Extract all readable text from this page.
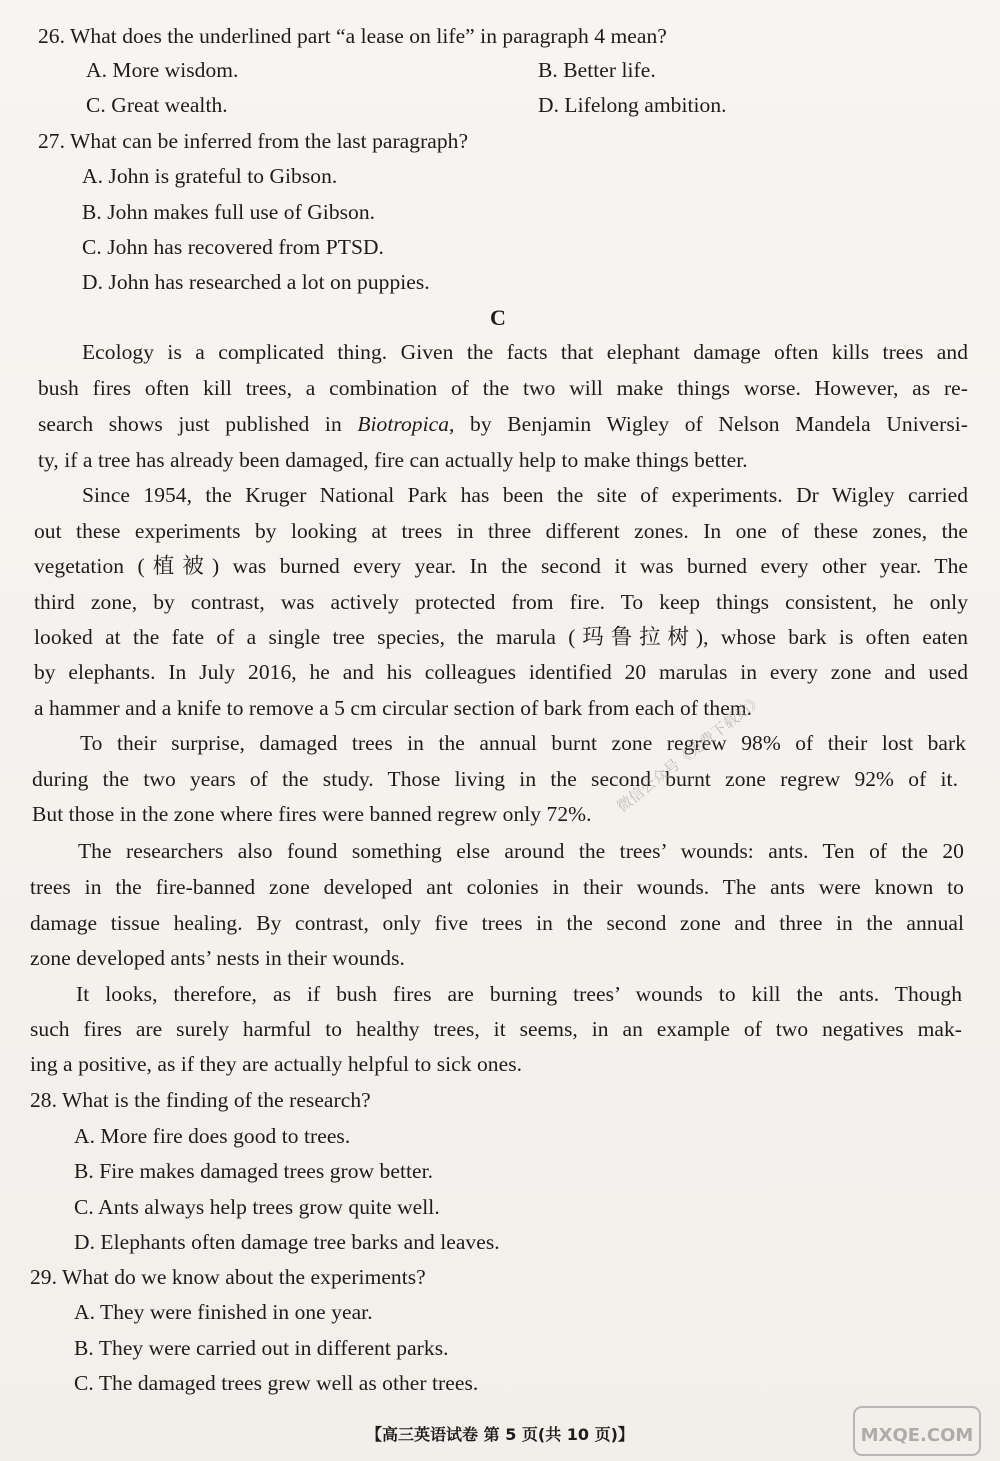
26. What does the underlined part “a lease on life” in paragraph 4 mean?
A. More wisdom.	B. Better life.
C. Great wealth.	D. Lifelong ambition.
27. What can be inferred from the last paragraph?
A. John is grateful to Gibson.
B. John makes full use of Gibson.
C. John has recovered from PTSD.
D. John has researched a lot on puppies.
C
Ecology is a complicated thing. Given the facts that elephant damage often kills trees and
bush fires often kill trees, a combination of the two will make things worse. However, as re-
search shows just published in Biotropica, by Benjamin Wigley of Nelson Mandela Universi-
ty, if a tree has already been damaged, fire can actually help to make things better.
Since 1954, the Kruger National Park has been the site of experiments. Dr Wigley carried
out these experiments by looking at trees in three different zones. In one of these zones, the
vegetation (植被) was burned every year. In the second it was burned every other year. The
third zone, by contrast, was actively protected from fire. To keep things consistent, he only
looked at the fate of a single tree species, the marula (玛鲁拉树), whose bark is often eaten
by elephants. In July 2016, he and his colleagues identified 20 marulas in every zone and used
a hammer and a knife to remove a 5 cm circular section of bark from each of them.
To their surprise, damaged trees in the annual burnt zone regrew 98% of their lost bark
during the two years of the study. Those living in the second burnt zone regrew 92% of it.
But those in the zone where fires were banned regrew only 72%.
The researchers also found something else around the trees’ wounds: ants. Ten of the 20
trees in the fire-banned zone developed ant colonies in their wounds. The ants were known to
damage tissue healing. By contrast, only five trees in the second zone and three in the annual
zone developed ants’ nests in their wounds.
It looks, therefore, as if bush fires are burning trees’ wounds to kill the ants. Though
such fires are surely harmful to healthy trees, it seems, in an example of two negatives mak-
ing a positive, as if they are actually helpful to sick ones.
28. What is the finding of the research?
A. More fire does good to trees.
B. Fire makes damaged trees grow better.
C. Ants always help trees grow quite well.
D. Elephants often damage tree barks and leaves.
29. What do we know about the experiments?
A. They were finished in one year.
B. They were carried out in different parks.
C. The damaged trees grew well as other trees.
微信公众号《免费下载站》
【高三英语试卷 第 5 页(共 10 页)】	MXQE.COM
